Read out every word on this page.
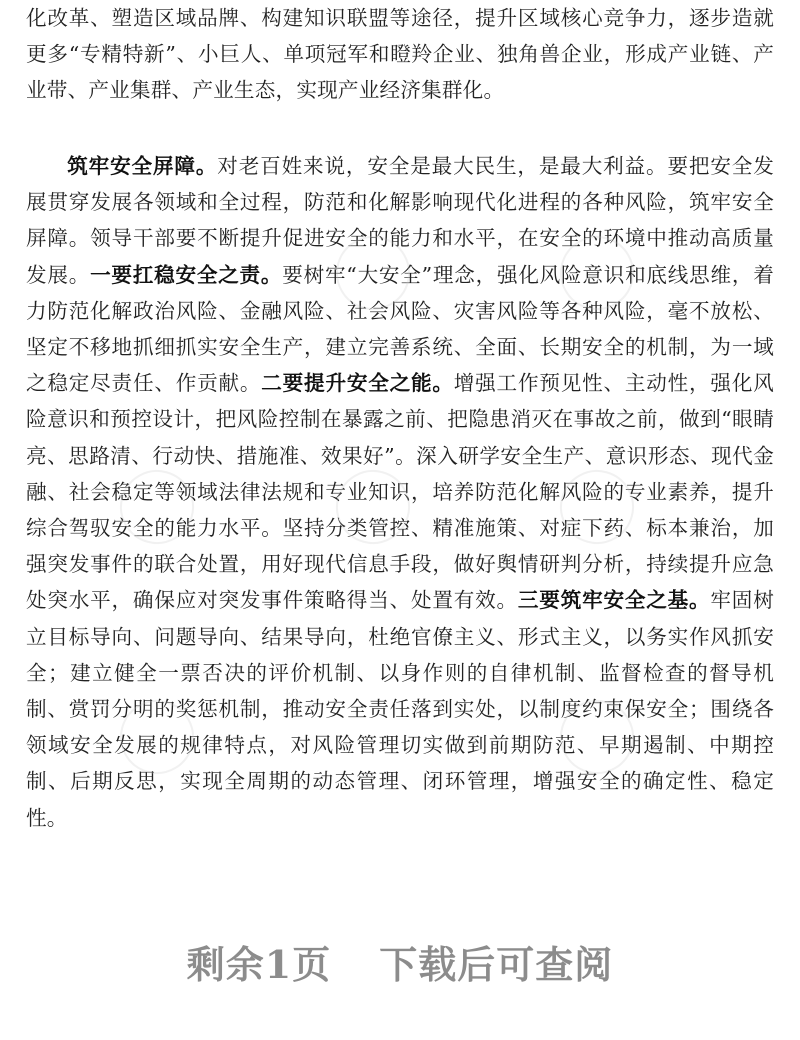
化改革、塑造区域品牌、构建知识联盟等途径，提升区域核心竞争力，逐步造就更多“专精特新”、小巨人、单项冠军和瞪羚企业、独角兽企业，形成产业链、产业带、产业集群、产业生态，实现产业经济集群化。

筑牢安全屏障。对老百姓来说，安全是最大民生，是最大利益。要把安全发展贯穿发展各领域和全过程，防范和化解影响现代化进程的各种风险，筑牢安全屏障。领导干部要不断提升促进安全的能力和水平，在安全的环境中推动高质量发展。一要扛稳安全之责。要树牢“大安全”理念，强化风险意识和底线思维，着力防范化解政治风险、金融风险、社会风险、灾害风险等各种风险，毫不放松、坚定不移地抓细抓实安全生产，建立完善系统、全面、长期安全的机制，为一域之稳定尽责任、作贡献。二要提升安全之能。增强工作预见性、主动性，强化风险意识和预控设计，把风险控制在暴露之前、把隐患消灭在事故之前，做到“眼睛亮、思路清、行动快、措施准、效果好”。深入研学安全生产、意识形态、现代金融、社会稳定等领域法律法规和专业知识，培养防范化解风险的专业素养，提升综合驾驭安全的能力水平。坚持分类管控、精准施策、对症下药、标本兼治，加强突发事件的联合处置，用好现代信息手段，做好舆情研判分析，持续提升应急处突水平，确保应对突发事件策略得当、处置有效。三要筑牢安全之基。牢固树立目标导向、问题导向、结果导向，杜绝官僚主义、形式主义，以务实作风抓安全；建立健全一票否决的评价机制、以身作则的自律机制、监督检查的督导机制、赏罚分明的奖惩机制，推动安全责任落到实处，以制度约束保安全；围绕各领域安全发展的规律特点，对风险管理切实做到前期防范、早期遏制、中期控制、后期反思，实现全周期的动态管理、闭环管理，增强安全的确定性、稳定性。

剩余1页 下载后可查阅
